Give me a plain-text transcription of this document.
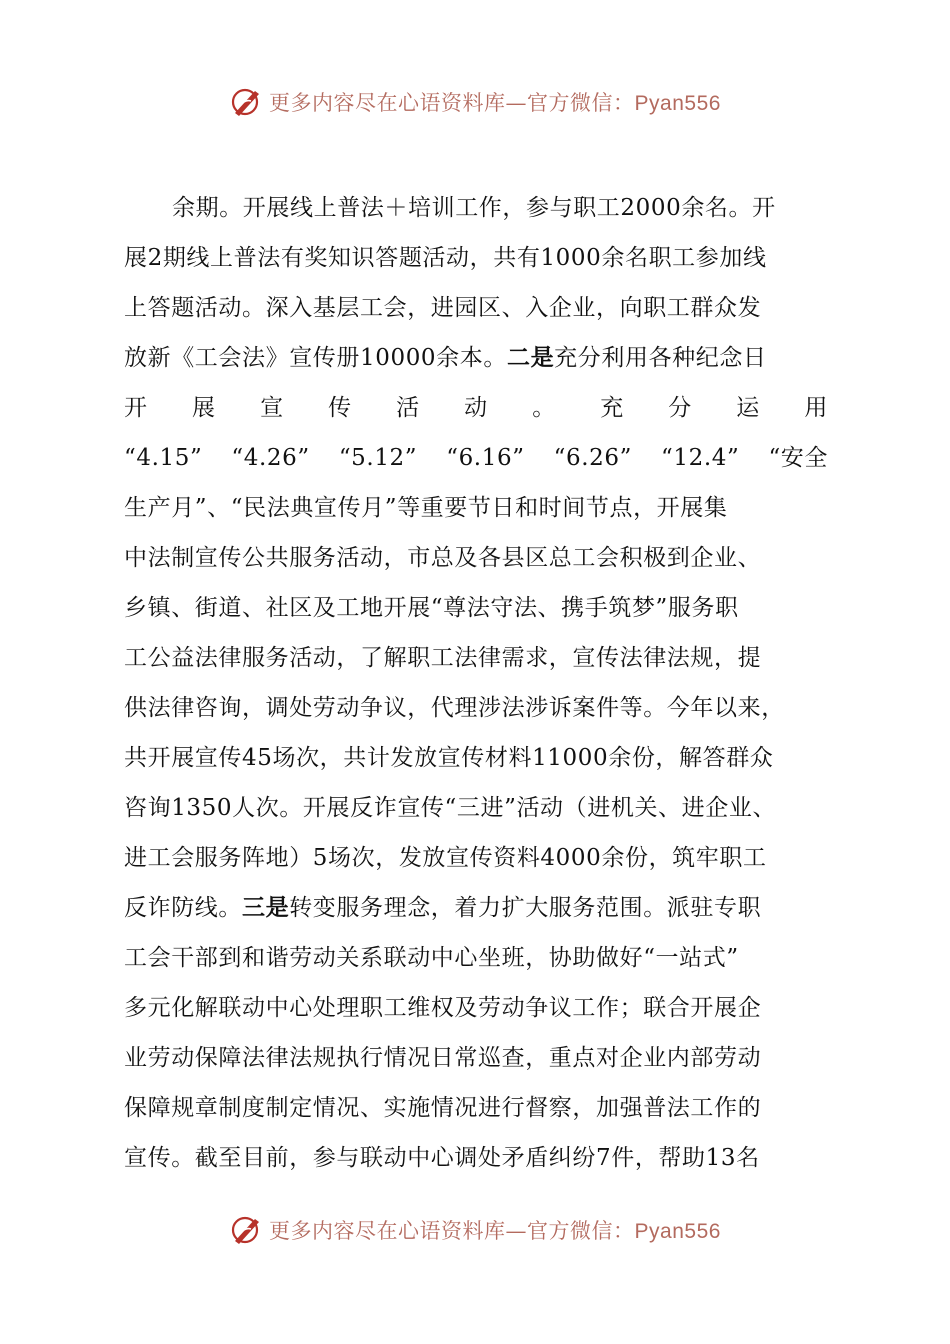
更多内容尽在心语资料库—官方微信：Pyan556
余期。开展线上普法＋培训工作，参与职工2000余名。开
展2期线上普法有奖知识答题活动，共有1000余名职工参加线
上答题活动。深入基层工会，进园区、入企业，向职工群众发
放新《工会法》宣传册10000余本。二是充分利用各种纪念日
开 展 宣 传 活 动 。 充 分 运 用
“4.15” “4.26” “5.12” “6.16” “6.26” “12.4” “安全
生产月”、“民法典宣传月”等重要节日和时间节点，开展集
中法制宣传公共服务活动，市总及各县区总工会积极到企业、
乡镇、街道、社区及工地开展“尊法守法、携手筑梦”服务职
工公益法律服务活动，了解职工法律需求，宣传法律法规，提
供法律咨询，调处劳动争议，代理涉法涉诉案件等。今年以来，
共开展宣传45场次，共计发放宣传材料11000余份，解答群众
咨询1350人次。开展反诈宣传“三进”活动（进机关、进企业、
进工会服务阵地）5场次，发放宣传资料4000余份，筑牢职工
反诈防线。三是转变服务理念，着力扩大服务范围。派驻专职
工会干部到和谐劳动关系联动中心坐班，协助做好“一站式”
多元化解联动中心处理职工维权及劳动争议工作；联合开展企
业劳动保障法律法规执行情况日常巡查，重点对企业内部劳动
保障规章制度制定情况、实施情况进行督察，加强普法工作的
宣传。截至目前，参与联动中心调处矛盾纠纷7件，帮助13名
更多内容尽在心语资料库—官方微信：Pyan556
